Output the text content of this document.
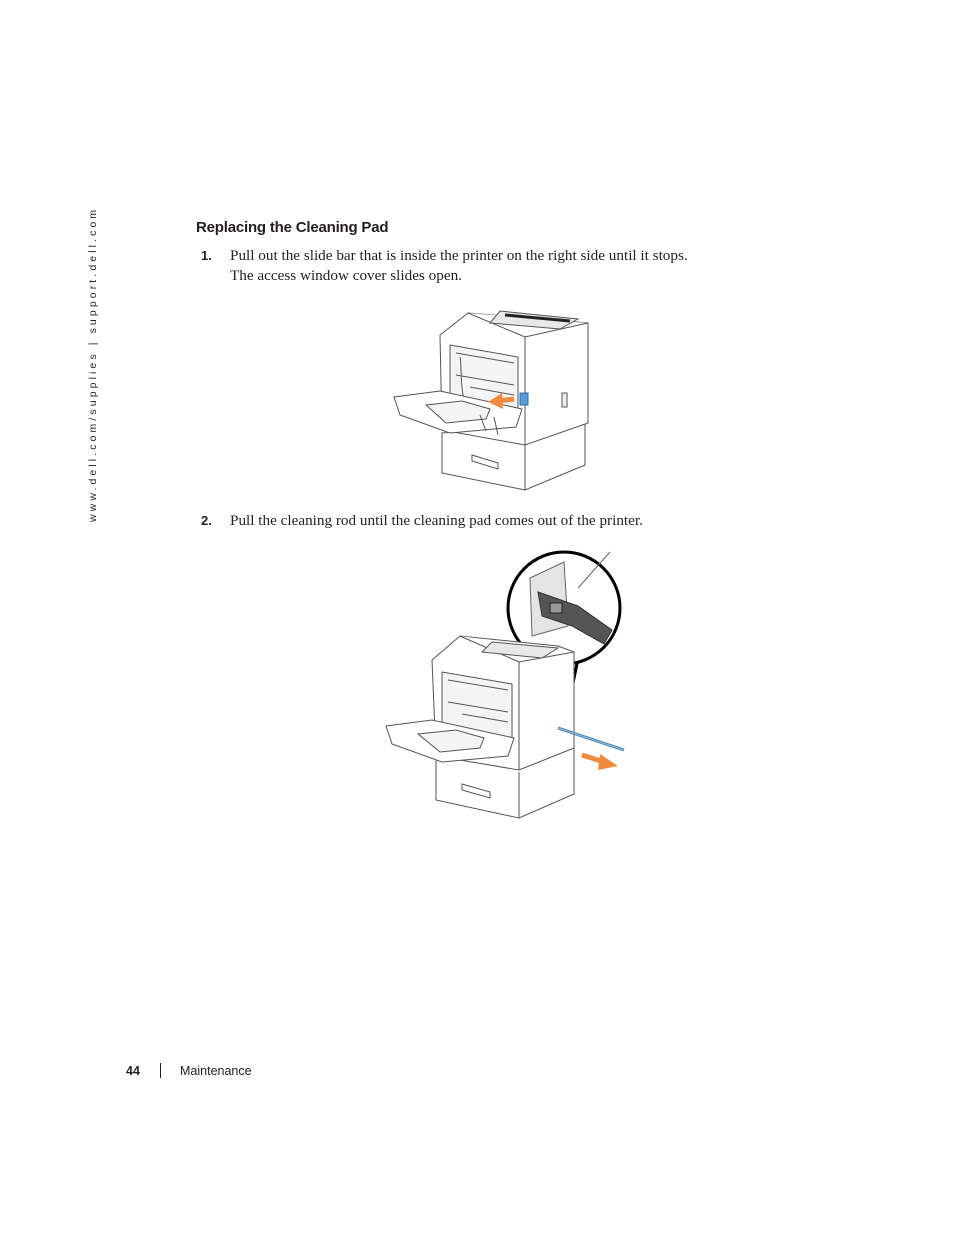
www.dell.com/supplies | support.dell.com	Replacing the Cleaning Pad
1. Pull out the slide bar that is inside the printer on the right side until it stops.
The access window cover slides open.
2. Pull the cleaning rod until the cleaning pad comes out of the printer.
44	Maintenance
